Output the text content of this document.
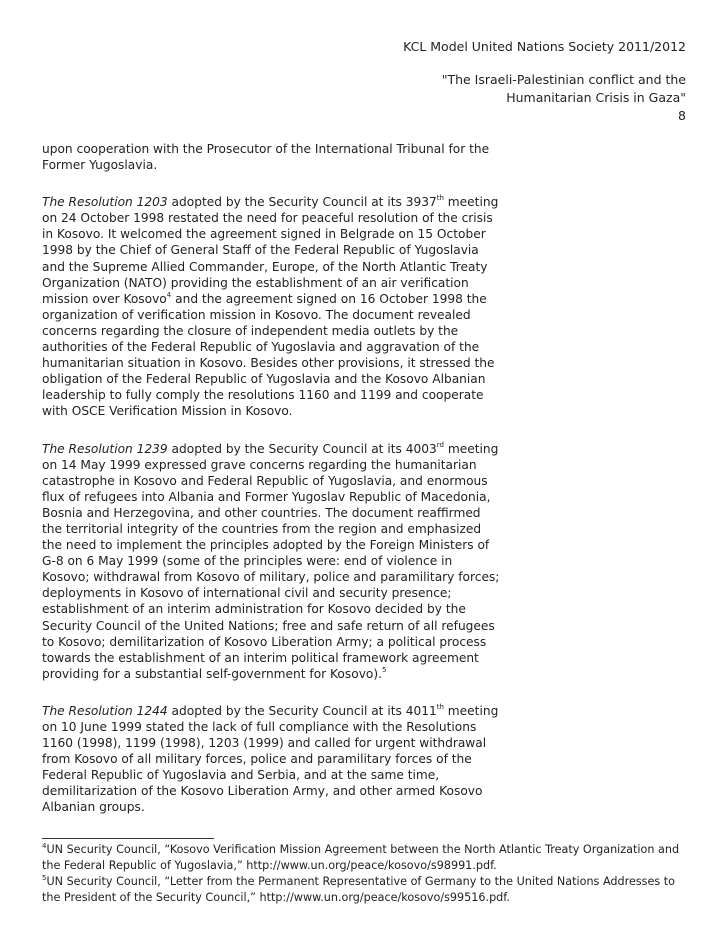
KCL Model United Nations Society 2011/2012
"The Israeli-Palestinian conflict and the
Humanitarian Crisis in Gaza"
8

upon cooperation with the Prosecutor of the International Tribunal for the Former Yugoslavia.

The Resolution 1203 adopted by the Security Council at its 3937th meeting on 24 October 1998 restated the need for peaceful resolution of the crisis in Kosovo. It welcomed the agreement signed in Belgrade on 15 October 1998 by the Chief of General Staff of the Federal Republic of Yugoslavia and the Supreme Allied Commander, Europe, of the North Atlantic Treaty Organization (NATO) providing the establishment of an air verification mission over Kosovo$^4$ and the agreement signed on 16 October 1998 the organization of verification mission in Kosovo. The document revealed concerns regarding the closure of independent media outlets by the authorities of the Federal Republic of Yugoslavia and aggravation of the humanitarian situation in Kosovo. Besides other provisions, it stressed the obligation of the Federal Republic of Yugoslavia and the Kosovo Albanian leadership to fully comply the resolutions 1160 and 1199 and cooperate with OSCE Verification Mission in Kosovo.

The Resolution 1239 adopted by the Security Council at its 4003rd meeting on 14 May 1999 expressed grave concerns regarding the humanitarian catastrophe in Kosovo and Federal Republic of Yugoslavia, and enormous flux of refugees into Albania and Former Yugoslav Republic of Macedonia, Bosnia and Herzegovina, and other countries. The document reaffirmed the territorial integrity of the countries from the region and emphasized the need to implement the principles adopted by the Foreign Ministers of G-8 on 6 May 1999 (some of the principles were: end of violence in Kosovo; withdrawal from Kosovo of military, police and paramilitary forces; deployments in Kosovo of international civil and security presence; establishment of an interim administration for Kosovo decided by the Security Council of the United Nations; free and safe return of all refugees to Kosovo; demilitarization of Kosovo Liberation Army; a political process towards the establishment of an interim political framework agreement providing for a substantial self-government for Kosovo).$^5$

The Resolution 1244 adopted by the Security Council at its 4011th meeting on 10 June 1999 stated the lack of full compliance with the Resolutions 1160 (1998), 1199 (1998), 1203 (1999) and called for urgent withdrawal from Kosovo of all military forces, police and paramilitary forces of the Federal Republic of Yugoslavia and Serbia, and at the same time, demilitarization of the Kosovo Liberation Army, and other armed Kosovo Albanian groups.

$^4$UN Security Council, “Kosovo Verification Mission Agreement between the North Atlantic Treaty Organization and the Federal Republic of Yugoslavia,” http://www.un.org/peace/kosovo/s98991.pdf.

$^5$UN Security Council, “Letter from the Permanent Representative of Germany to the United Nations Addresses to the President of the Security Council,” http://www.un.org/peace/kosovo/s99516.pdf.
